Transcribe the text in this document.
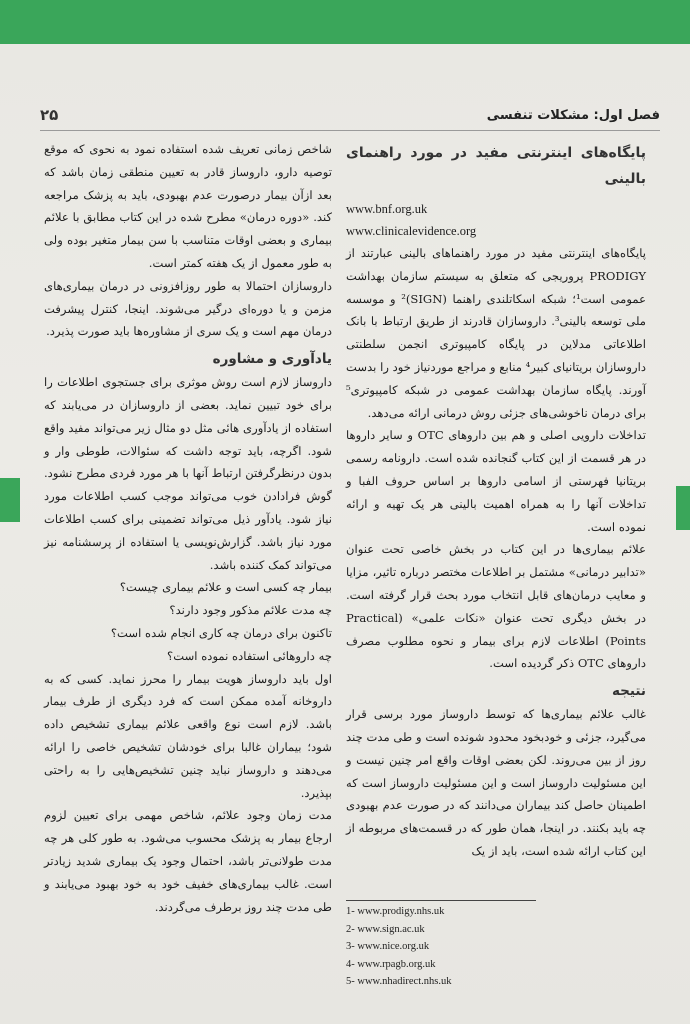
فصل اول: مشکلات تنفسی
۲۵

پایگاه‌های اینترنتی مفید در مورد راهنمای بالینی

www.bnf.org.uk

www.clinicalevidence.org

پایگاه‌های اینترنتی مفید در مورد راهنماهای بالینی عبارتند از PRODIGY پروریجی که متعلق به سیستم سازمان بهداشت عمومی است¹؛ شبکه اسکاتلندی راهنما (SIGN)² و موسسه ملی توسعه بالینی³. داروسازان قادرند از طریق ارتباط با بانک اطلاعاتی مدلاین در پایگاه کامپیوتری انجمن سلطنتی داروسازان بریتانیای کبیر⁴ منابع و مراجع موردنیاز خود را بدست آورند. پایگاه سازمان بهداشت عمومی در شبکه کامپیوتری⁵ برای درمان ناخوشی‌های جزئی روش درمانی ارائه می‌دهد.

تداخلات دارویی اصلی و هم بین داروهای OTC و سایر داروها در هر قسمت از این کتاب گنجانده شده است. دارونامه رسمی بریتانیا فهرستی از اسامی داروها بر اساس حروف الفبا و تداخلات آنها را به همراه اهمیت بالینی هر یک تهیه و ارائه نموده است.

علائم بیماری‌ها در این کتاب در بخش خاصی تحت عنوان «تدابیر درمانی» مشتمل بر اطلاعات مختصر درباره تاثیر، مزایا و معایب درمان‌های قابل انتخاب مورد بحث قرار گرفته است. در بخش دیگری تحت عنوان «نکات علمی» (Practical Points) اطلاعات لازم برای بیمار و نحوه مطلوب مصرف داروهای OTC ذکر گردیده است.

نتیجه

غالب علائم بیماری‌ها که توسط داروساز مورد برسی قرار می‌گیرد، جزئی و خودبخود محدود شونده است و طی مدت چند روز از بین می‌روند. لکن بعضی اوقات واقع امر چنین نیست و این مسئولیت داروساز است و این مسئولیت داروساز است که اطمینان حاصل کند بیماران می‌دانند که در صورت عدم بهبودی چه باید بکنند. در اینجا، همان طور که در قسمت‌های مربوطه از این کتاب ارائه شده است، باید از یک

شاخص زمانی تعریف شده استفاده نمود به نحوی که موقع توصیه دارو، داروساز قادر به تعیین منطقی زمان باشد که بعد ازآن بیمار درصورت عدم بهبودی، باید به پزشک مراجعه کند. «دوره درمان» مطرح شده در این کتاب مطابق با علائم بیماری و بعضی اوقات متناسب با سن بیمار متغیر بوده ولی به طور معمول از یک هفته کمتر است.

داروسازان احتمالا به طور روزافزونی در درمان بیماری‌های مزمن و یا دوره‌ای درگیر می‌شوند. اینجا، کنترل پیشرفت درمان مهم است و یک سری از مشاوره‌ها باید صورت پذیرد.

یادآوری و مشاوره

داروساز لازم است روش موثری برای جستجوی اطلاعات را برای خود تبیین نماید. بعضی از داروسازان در می‌یابند که استفاده از یادآوری هائی مثل دو مثال زیر می‌تواند مفید واقع شود. اگرچه، باید توجه داشت که سئوالات، طوطی وار و بدون درنظرگرفتن ارتباط آنها با هر مورد فردی مطرح نشود. گوش فرادادن خوب می‌تواند موجب کسب اطلاعات مورد نیاز شود. یادآور ذیل می‌تواند تضمینی برای کسب اطلاعات مورد نیاز باشد. گزارش‌نویسی یا استفاده از پرسشنامه نیز می‌تواند کمک کننده باشد.

بیمار چه کسی است و علائم بیماری چیست؟

چه مدت علائم مذکور وجود دارند؟

تاکنون برای درمان چه کاری انجام شده است؟

چه داروهائی استفاده نموده است؟

اول باید داروساز هویت بیمار را محرز نماید. کسی که به داروخانه آمده ممکن است که فرد دیگری از طرف بیمار باشد. لازم است نوع واقعی علائم بیماری تشخیص داده شود؛ بیماران غالبا برای خودشان تشخیص خاصی را ارائه می‌دهند و داروساز نباید چنین تشخیص‌هایی را به راحتی بپذیرد.

مدت زمان وجود علائم، شاخص مهمی برای تعیین لزوم ارجاع بیمار به پزشک محسوب می‌شود. به طور کلی هر چه مدت طولانی‌تر باشد، احتمال وجود یک بیماری شدید زیادتر است. غالب بیماری‌های خفیف خود به خود بهبود می‌یابند و طی مدت چند روز برطرف می‌گردند. 1- www.prodigy.nhs.uk
2- www.sign.ac.uk
3- www.nice.org.uk
4- www.rpagb.org.uk
5- www.nhadirect.nhs.uk
